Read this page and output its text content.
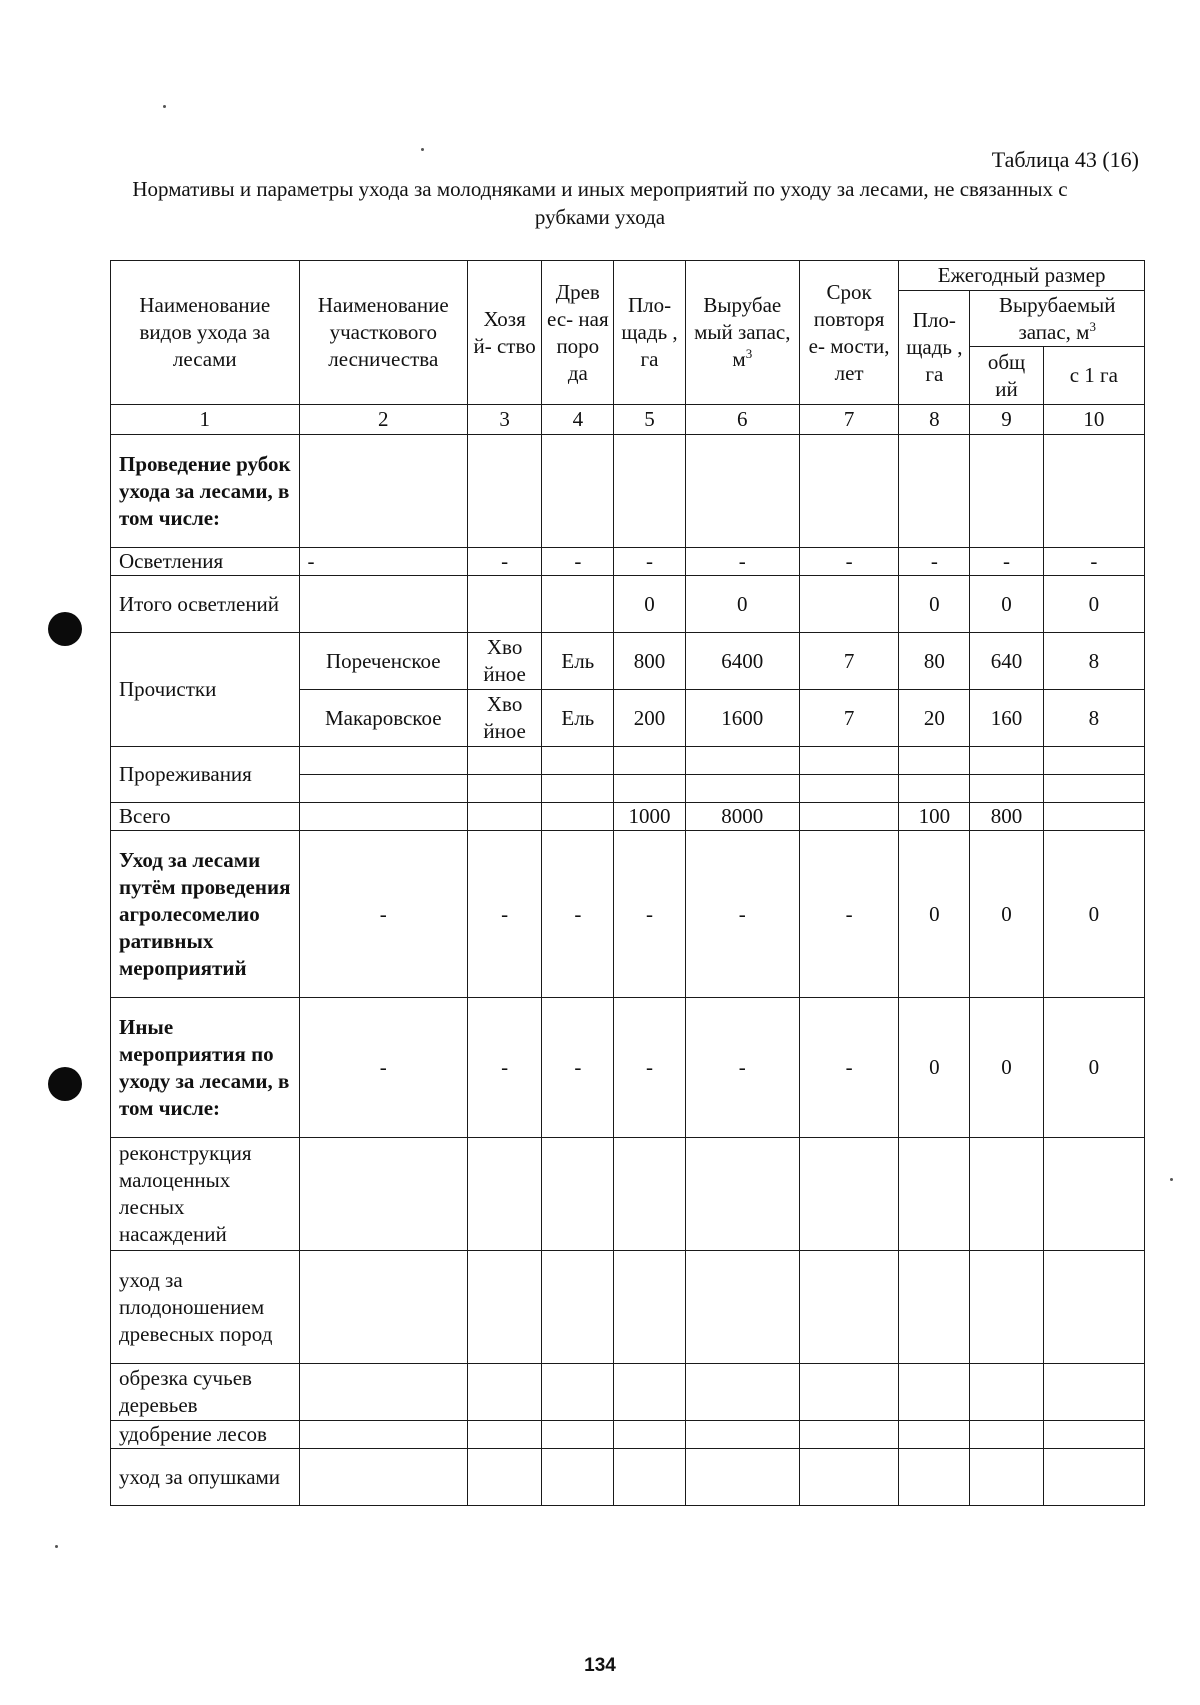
Таблица 43 (16)
Нормативы и параметры ухода за молодняками и иных мероприятий по уходу за лесами, не связанных с рубками ухода
Наименование видов ухода за лесами	Наименование участкового лесничества	Хозя й- ство	Древ ес- ная поро да	Пло- щадь , га	Вырубае мый запас, $м^3$	Срок повторя е- мости, лет	Ежегодный размер		
							Пло- щадь , га	Вырубаемый запас, $м^3$
								общ ий	с 1 га
1	2	3	4	5	6	7	8	9	10
Проведение рубок ухода за лесами, в том числе:									
Осветления	-	-	-	-	-	-	-	-	-
Итого осветлений				0	0		0	0	0
Прочистки	Пореченское	Хво йное	Ель	800	6400	7	80	640	8
	Макаровское	Хво йное	Ель	200	1600	7	20	160	8
Прореживания									

Всего				1000	8000		100	800	
Уход за лесами путём проведения агролесомелио ративных мероприятий	-	-	-	-	-	-	0	0	0
Иные мероприятия по уходу за лесами, в том числе:	-	-	-	-	-	-	0	0	0
реконструкция малоценных лесных насаждений									
уход за плодоношением древесных пород									
обрезка сучьев деревьев									
удобрение лесов									
уход за опушками									
134
